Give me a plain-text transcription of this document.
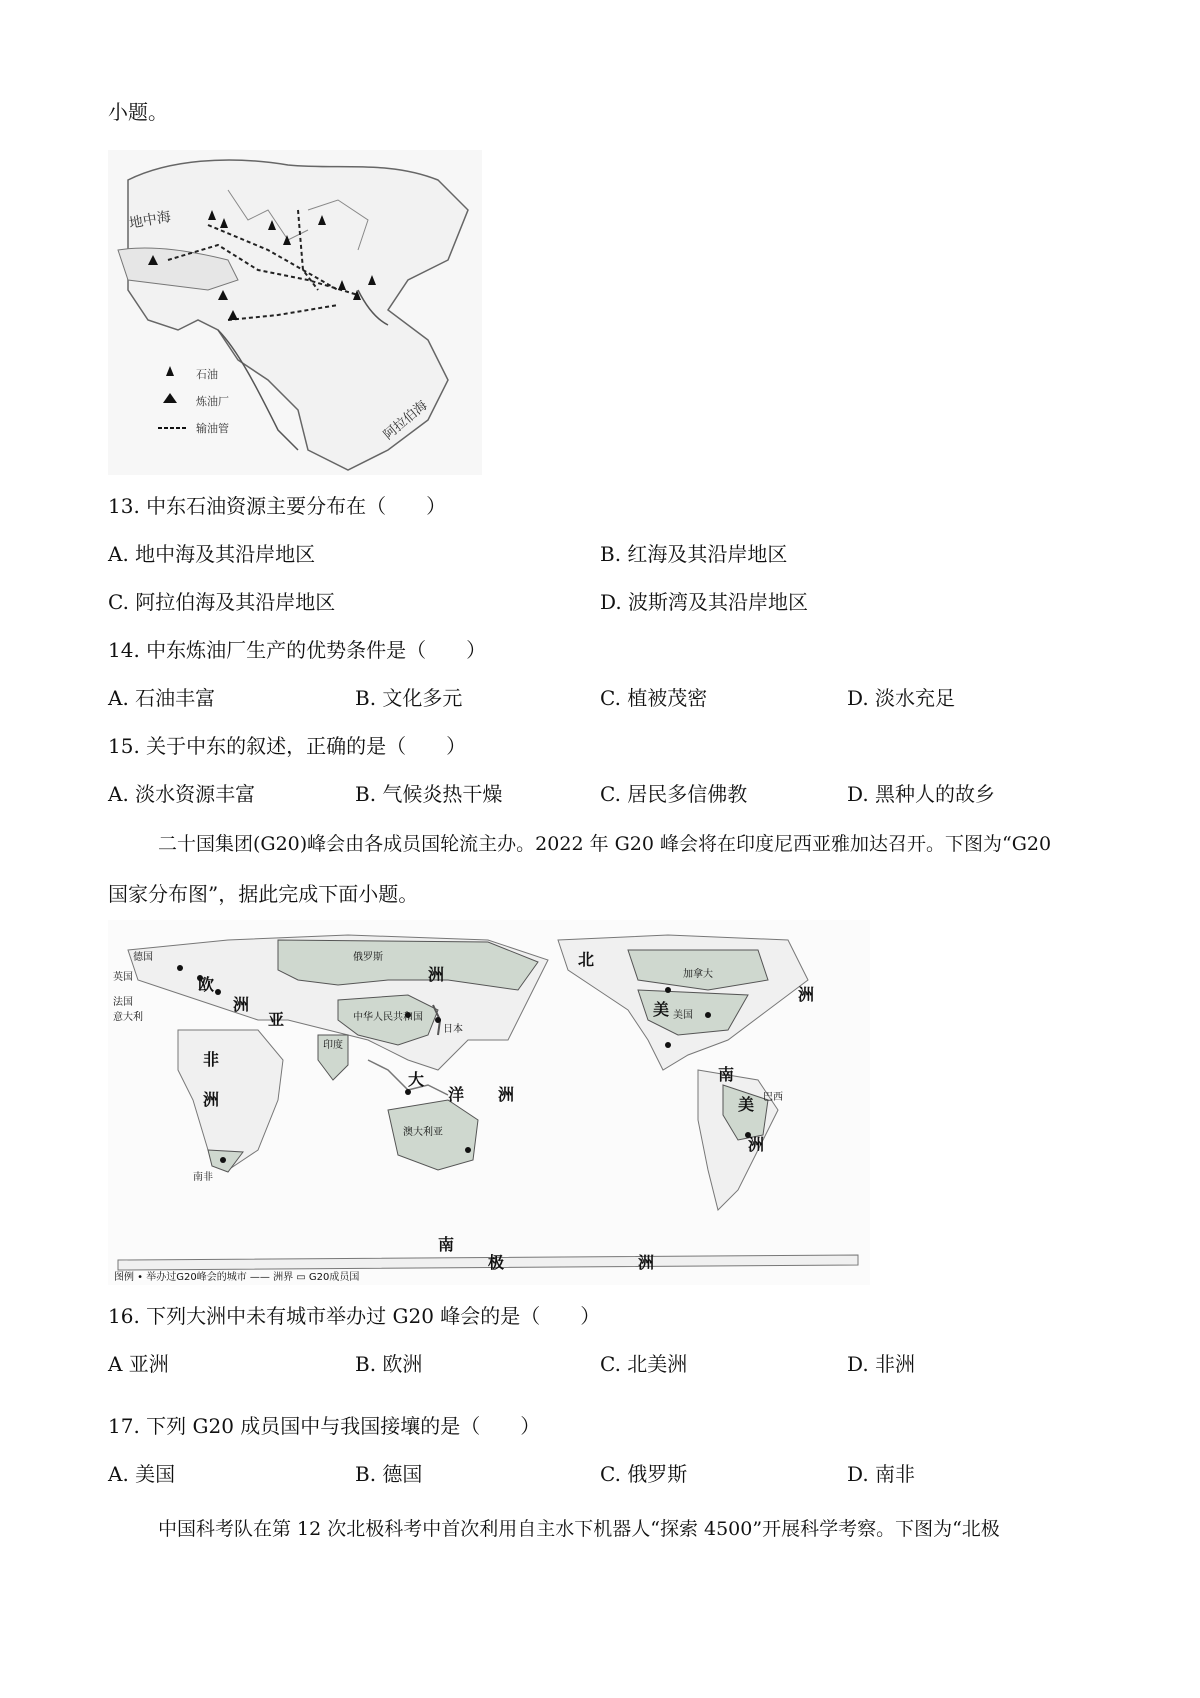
小题。
地中海
阿拉伯海
石油
炼油厂
输油管
13. 中东石油资源主要分布在（　　）
A. 地中海及其沿岸地区	B. 红海及其沿岸地区
C. 阿拉伯海及其沿岸地区	D. 波斯湾及其沿岸地区
14. 中东炼油厂生产的优势条件是（　　）
A. 石油丰富	B. 文化多元	C. 植被茂密	D. 淡水充足
15. 关于中东的叙述，正确的是（　　）
A. 淡水资源丰富	B. 气候炎热干燥	C. 居民多信佛教	D. 黑种人的故乡
二十国集团(G20)峰会由各成员国轮流主办。2022 年 G20 峰会将在印度尼西亚雅加达召开。下图为“G20
国家分布图”，据此完成下面小题。
欧
洲
亚
洲
非
洲
北
洲
美
南
美
洲
大
洋 洲
南
极	洲
德国
英国
法国
意大利
俄罗斯
中华人民共和国
日本
印度
加拿大
美国
巴西
澳大利亚
南非
图例 • 举办过G20峰会的城市 —— 洲界 ▭ G20成员国
16. 下列大洲中未有城市举办过 G20 峰会的是（　　）
A 亚洲	B. 欧洲	C. 北美洲	D. 非洲
17. 下列 G20 成员国中与我国接壤的是（　　）
A. 美国	B. 德国	C. 俄罗斯	D. 南非
中国科考队在第 12 次北极科考中首次利用自主水下机器人“探索 4500”开展科学考察。下图为“北极
